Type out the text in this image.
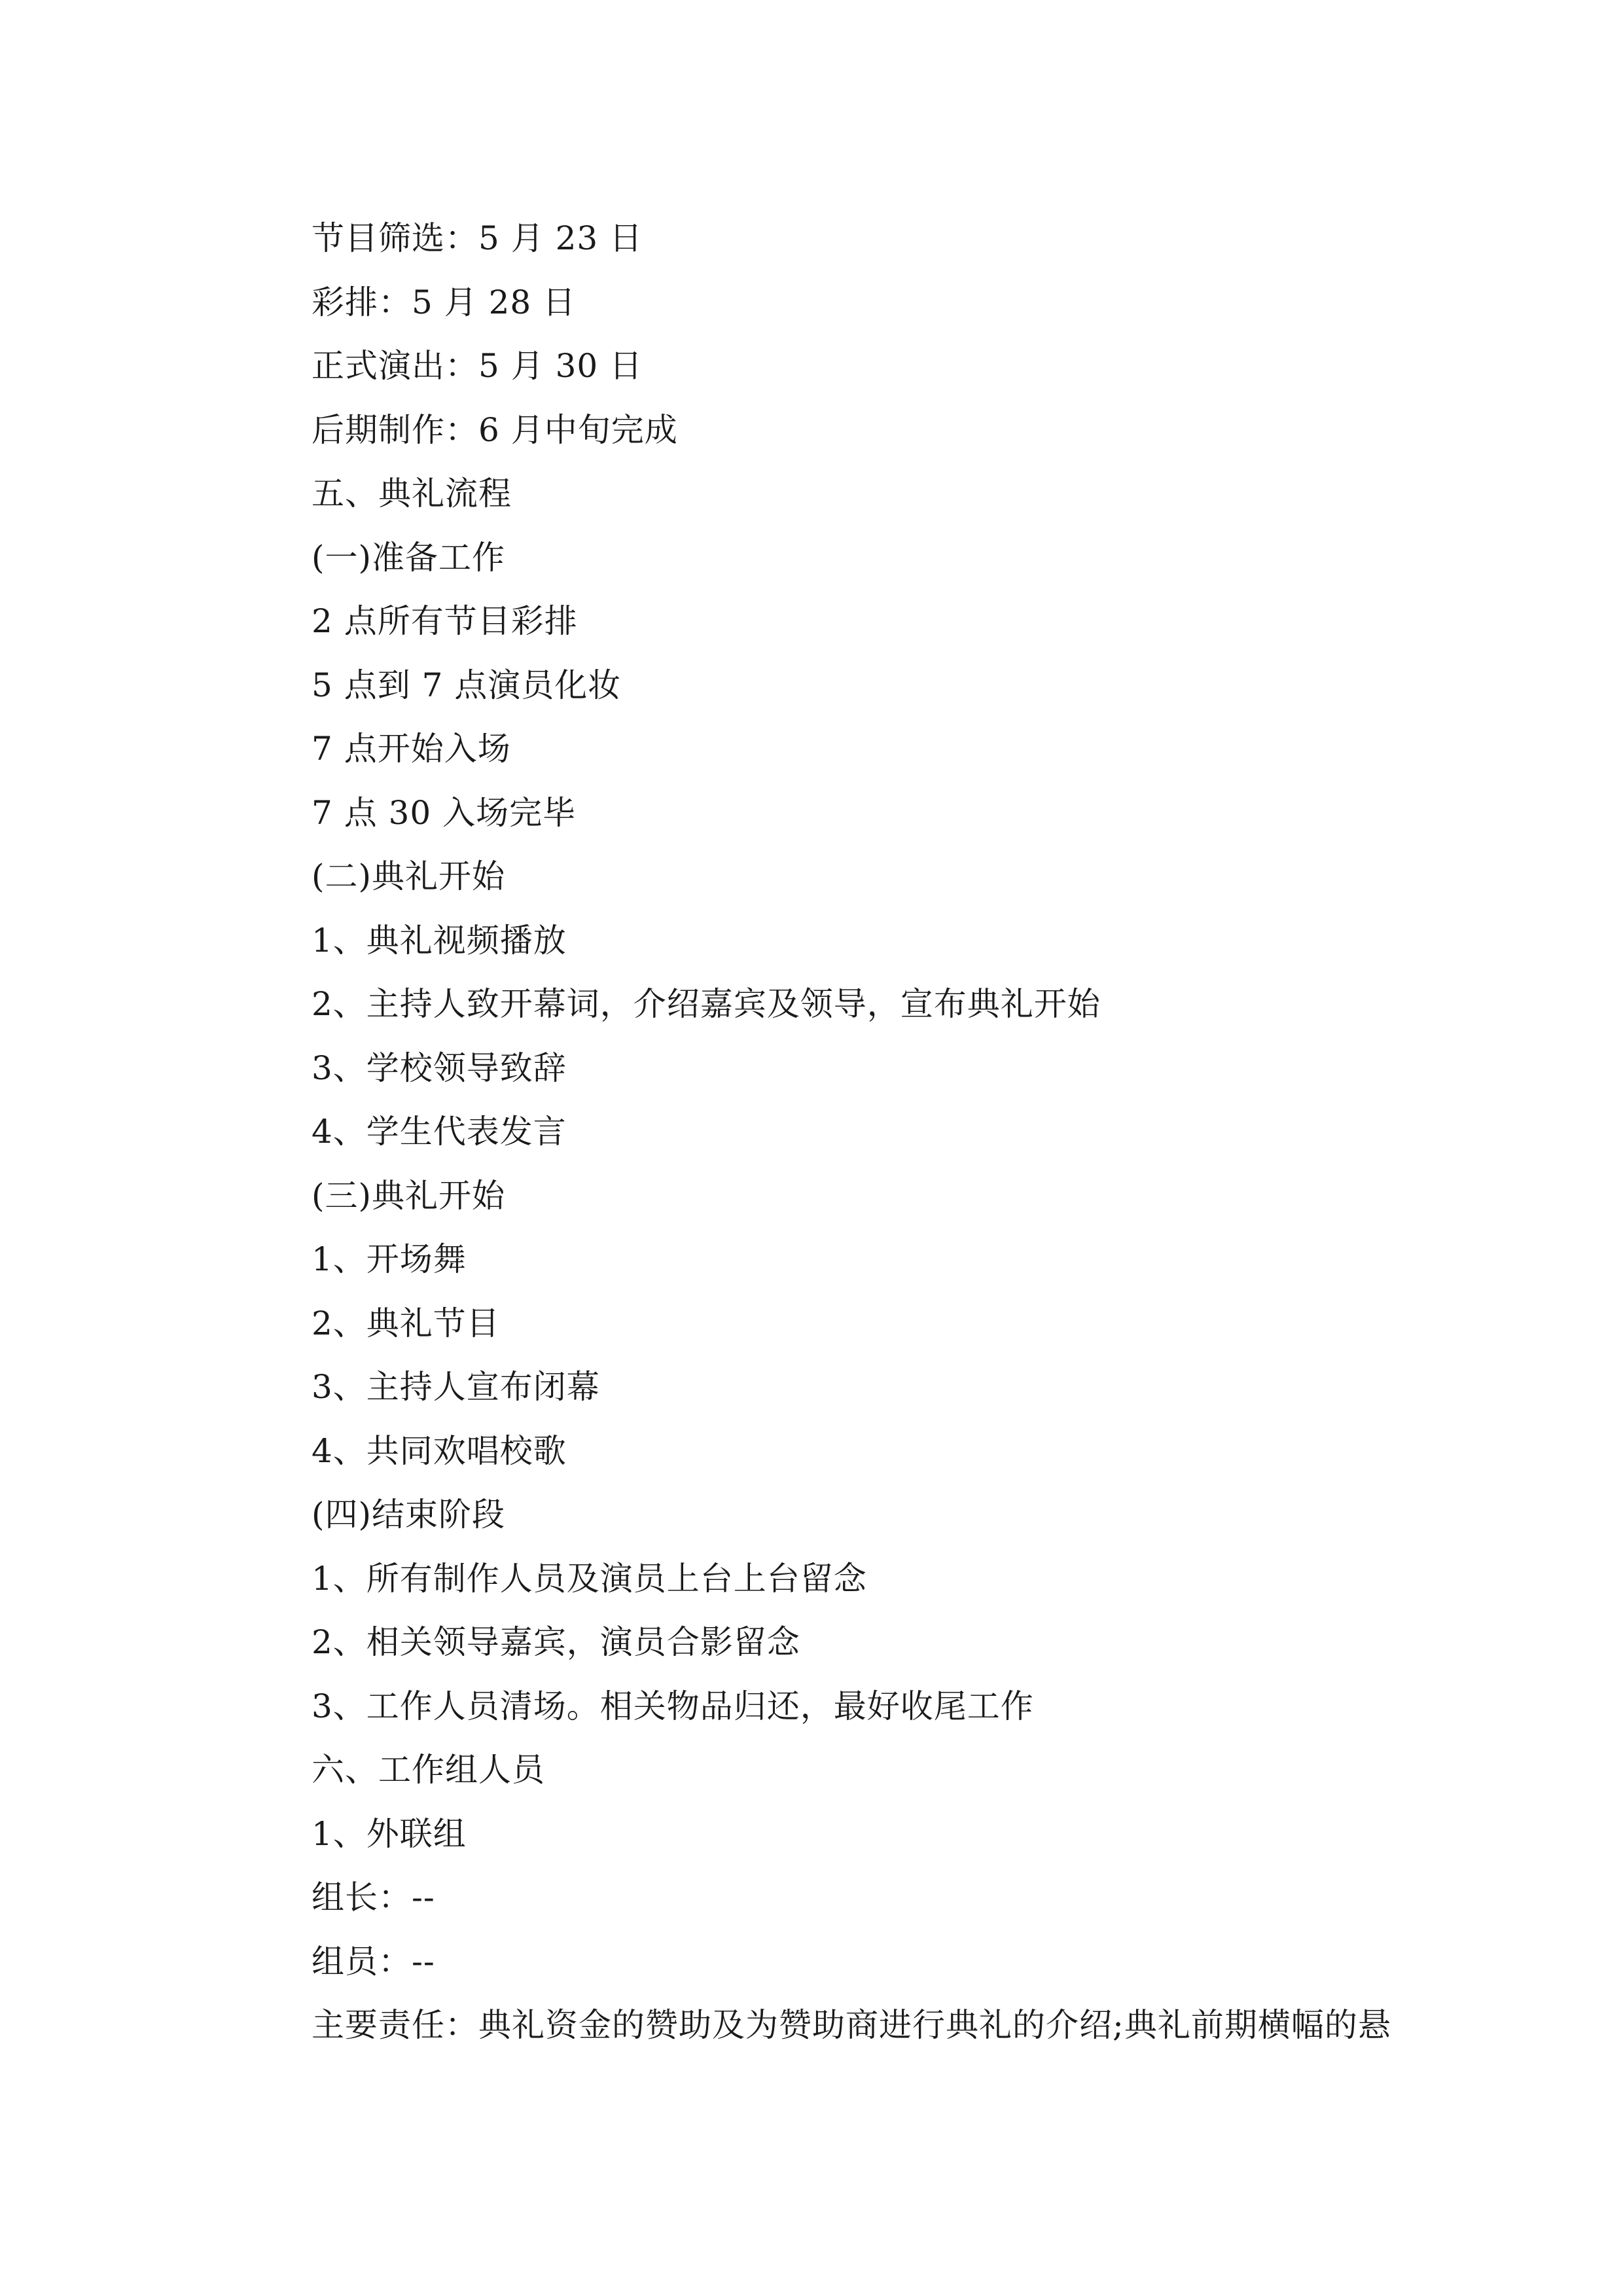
节目筛选：5 月 23 日
彩排：5 月 28 日
正式演出：5 月 30 日
后期制作：6 月中旬完成
五、典礼流程
(一)准备工作
2 点所有节目彩排
5 点到 7 点演员化妆
7 点开始入场
7 点 30 入场完毕
(二)典礼开始
1、典礼视频播放
2、主持人致开幕词，介绍嘉宾及领导，宣布典礼开始
3、学校领导致辞
4、学生代表发言
(三)典礼开始
1、开场舞
2、典礼节目
3、主持人宣布闭幕
4、共同欢唱校歌
(四)结束阶段
1、所有制作人员及演员上台上台留念
2、相关领导嘉宾，演员合影留念
3、工作人员清场。相关物品归还，最好收尾工作
六、工作组人员
1、外联组
组长：--
组员：--
主要责任：典礼资金的赞助及为赞助商进行典礼的介绍;典礼前期横幅的悬
